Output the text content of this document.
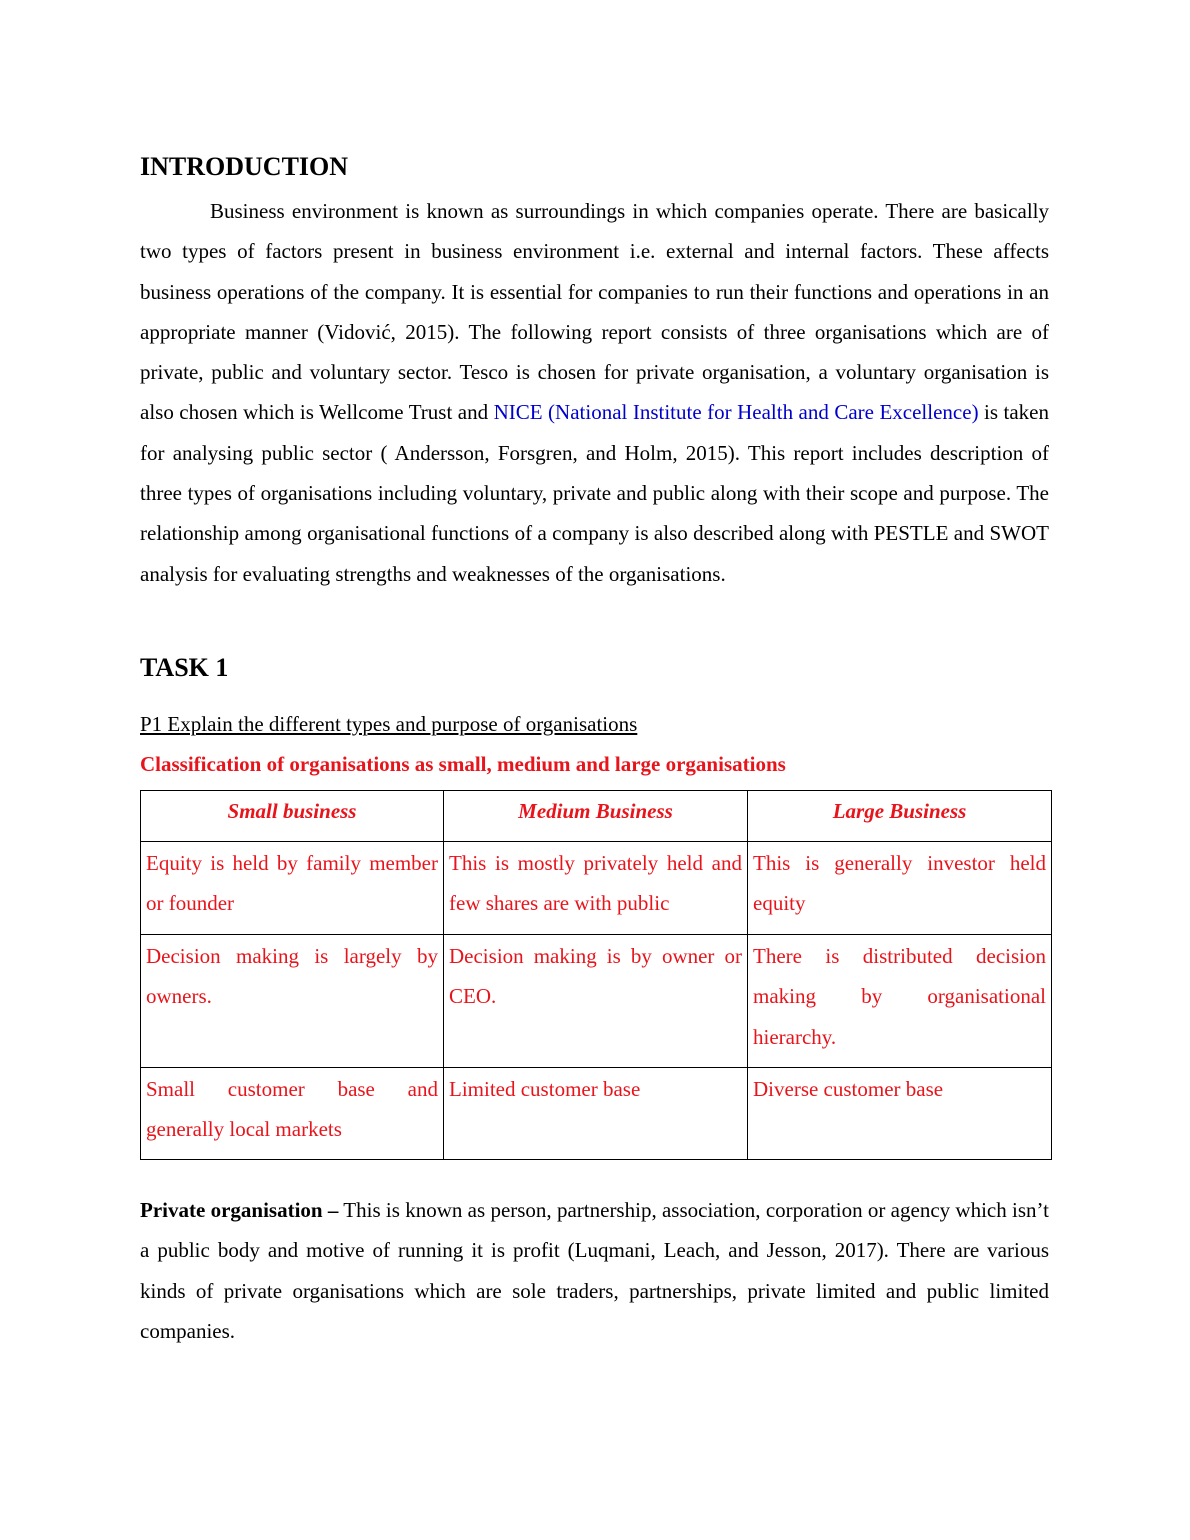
INTRODUCTION

Business environment is known as surroundings in which companies operate. There are basically two types of factors present in business environment i.e. external and internal factors. These affects business operations of the company. It is essential for companies to run their functions and operations in an appropriate manner (Vidović, 2015). The following report consists of three organisations which are of private, public and voluntary sector. Tesco is chosen for private organisation, a voluntary organisation is also chosen which is Wellcome Trust and NICE (National Institute for Health and Care Excellence) is taken for analysing public sector ( Andersson, Forsgren, and Holm, 2015). This report includes description of three types of organisations including voluntary, private and public along with their scope and purpose. The relationship among organisational functions of a company is also described along with PESTLE and SWOT analysis for evaluating strengths and weaknesses of the organisations.

TASK 1

P1 Explain the different types and purpose of organisations

Classification of organisations as small, medium and large organisations

Small business	Medium Business	Large Business
Equity is held by family member or founder	This is mostly privately held and few shares are with public	This is generally investor held equity
Decision making is largely by owners.	Decision making is by owner or CEO.	There is distributed decision making by organisational hierarchy.
Small customer base and generally local markets	Limited customer base	Diverse customer base

Private organisation – This is known as person, partnership, association, corporation or agency which isn’t a public body and motive of running it is profit (Luqmani, Leach, and Jesson, 2017). There are various kinds of private organisations which are sole traders, partnerships, private limited and public limited companies.
